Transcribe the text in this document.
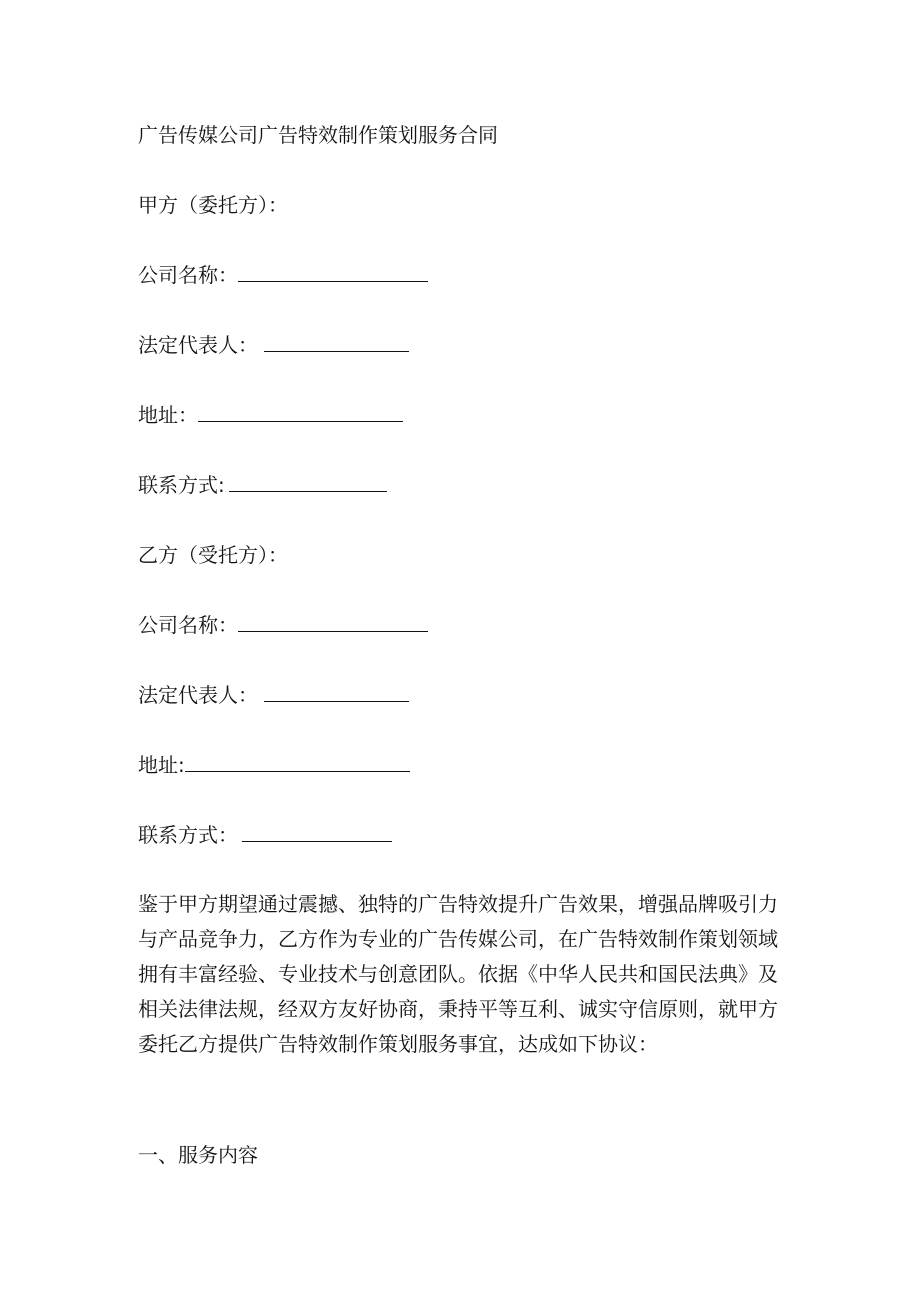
广告传媒公司广告特效制作策划服务合同
甲方（委托方）：
公司名称：
法定代表人：
地址：
联系方式:
乙方（受托方）：
公司名称：
法定代表人：
地址:
联系方式：
鉴于甲方期望通过震撼、独特的广告特效提升广告效果，增强品牌吸引力
与产品竞争力，乙方作为专业的广告传媒公司，在广告特效制作策划领域
拥有丰富经验、专业技术与创意团队。依据《中华人民共和国民法典》及
相关法律法规，经双方友好协商，秉持平等互利、诚实守信原则，就甲方
委托乙方提供广告特效制作策划服务事宜，达成如下协议：
一、服务内容
